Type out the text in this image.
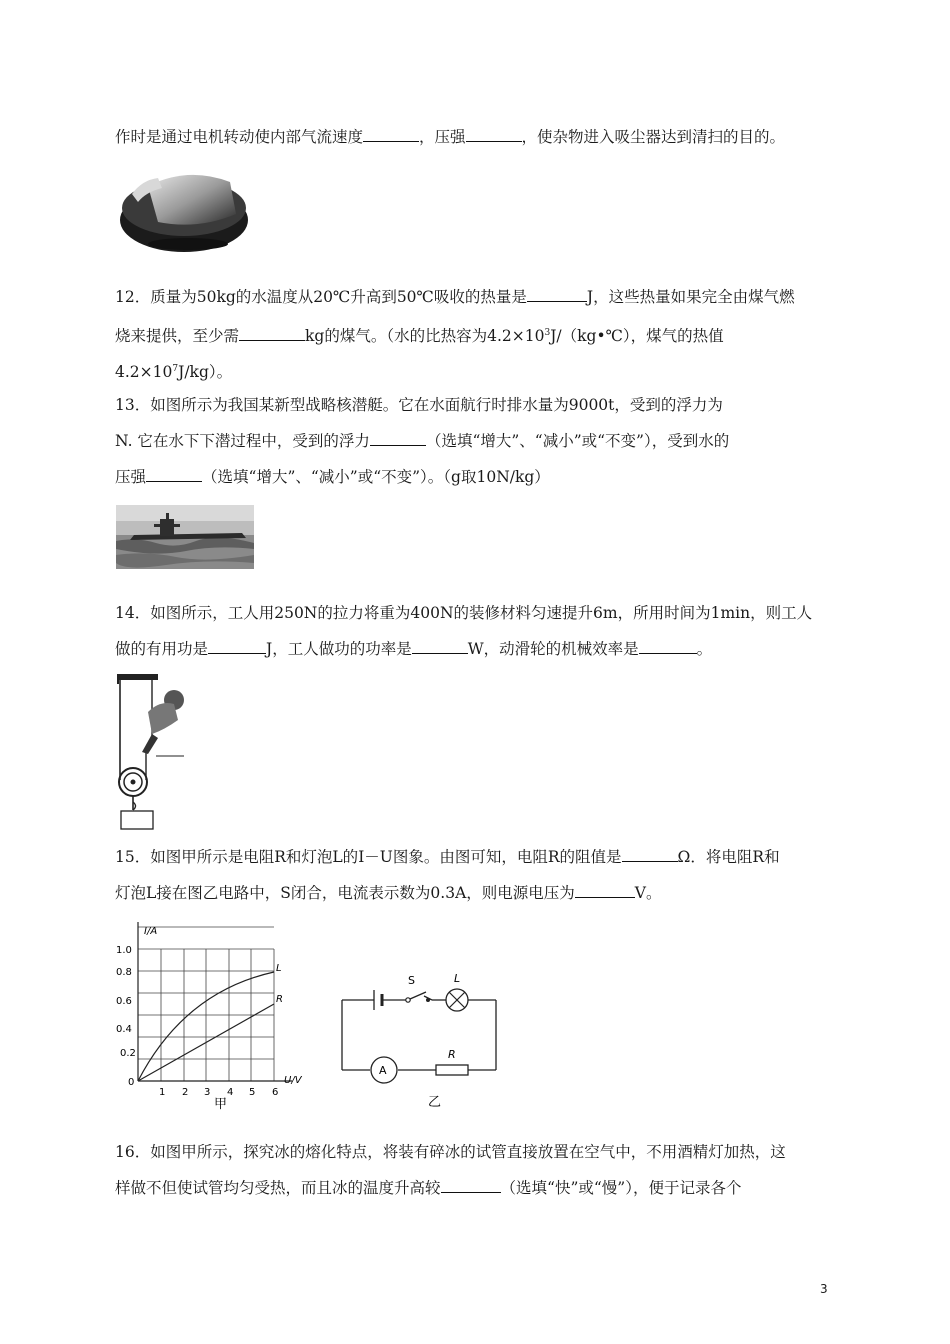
作时是通过电机转动使内部气流速度	，压强	，使杂物进入吸尘器达到清扫的目的。
12．质量为50kg的水温度从20℃升高到50℃吸收的热量是	J，这些热量如果完全由煤气燃
烧来提供，至少需	kg的煤气。（水的比热容为$4.2\times 10^3J/(kg•℃)$，煤气的热值
$4.2\times 10^7J/kg$）。
13．如图所示为我国某新型战略核潜艇。它在水面航行时排水量为9000t，受到的浮力为
N. 它在水下下潜过程中，受到的浮力	（选填“增大”、“减小”或“不变”），受到水的
压强	（选填“增大”、“减小”或“不变”）。（g取10N/kg）
14．如图所示，工人用250N的拉力将重为400N的装修材料匀速提升6m，所用时间为1min，则工人
做的有用功是	J，工人做功的功率是	W，动滑轮的机械效率是	。
15．如图甲所示是电阻R和灯泡L的I－U图象。由图可知，电阻R的阻值是	Ω．将电阻R和
灯泡L接在图乙电路中，S闭合，电流表示数为0.3A，则电源电压为	V。
I/A
U/V
1.0
0.8
0.6
0.4
0.2
0
1 2 3 4 5 6
L
R
甲
S	L
A
R
乙
16．如图甲所示，探究冰的熔化特点，将装有碎冰的试管直接放置在空气中，不用酒精灯加热，这
样做不但使试管均匀受热，而且冰的温度升高较	（选填“快”或“慢”），便于记录各个
3
